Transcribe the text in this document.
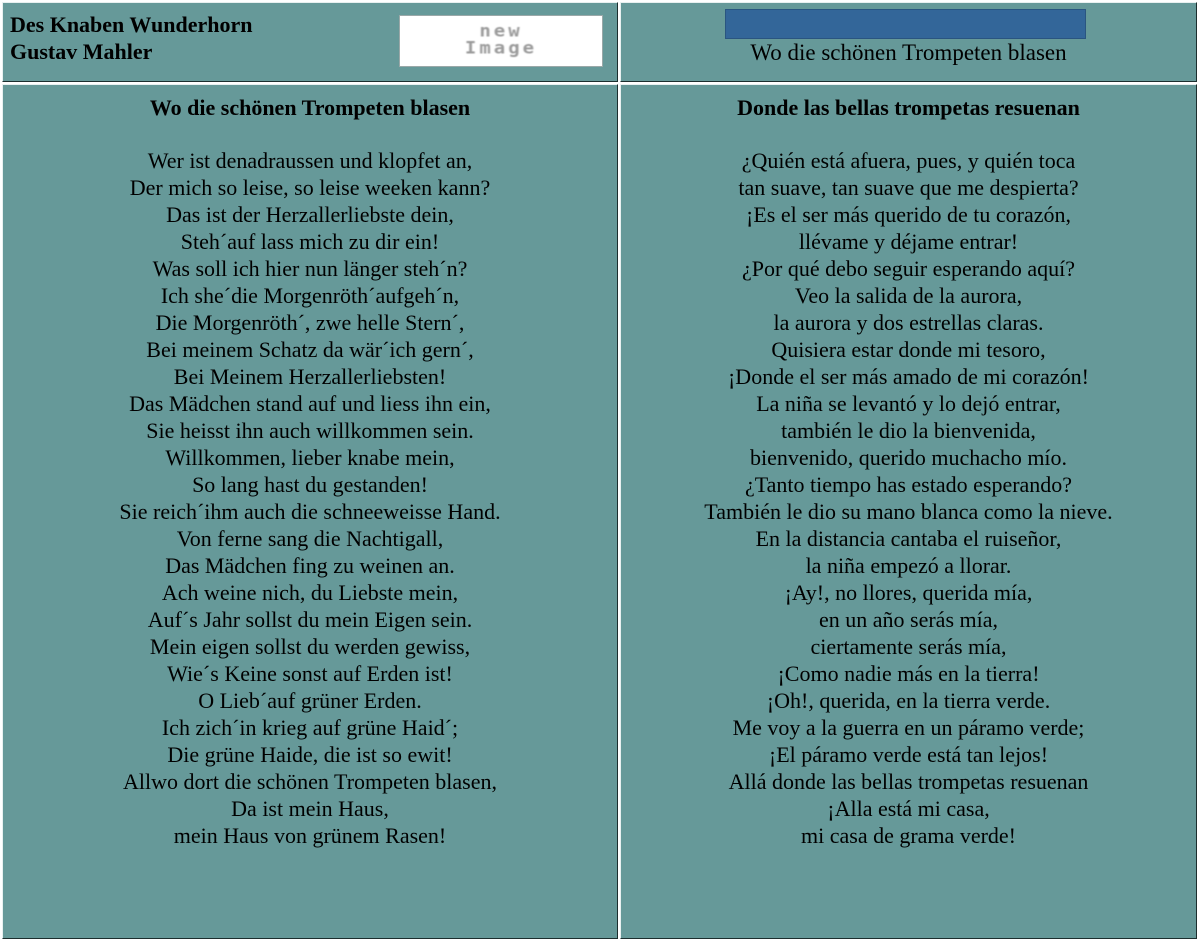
Des Knaben Wunderhorn
Gustav Mahler
new
Image	Wo die schönen Trompeten blasen
Wo die schönen Trompeten blasen
Wer ist denadraussen und klopfet an,
Der mich so leise, so leise weeken kann?
Das ist der Herzallerliebste dein,
Steh´auf lass mich zu dir ein!
Was soll ich hier nun länger steh´n?
Ich she´die Morgenröth´aufgeh´n,
Die Morgenröth´, zwe helle Stern´,
Bei meinem Schatz da wär´ich gern´,
Bei Meinem Herzallerliebsten!
Das Mädchen stand auf und liess ihn ein,
Sie heisst ihn auch willkommen sein.
Willkommen, lieber knabe mein,
So lang hast du gestanden!
Sie reich´ihm auch die schneeweisse Hand.
Von ferne sang die Nachtigall,
Das Mädchen fing zu weinen an.
Ach weine nich, du Liebste mein,
Auf´s Jahr sollst du mein Eigen sein.
Mein eigen sollst du werden gewiss,
Wie´s Keine sonst auf Erden ist!
O Lieb´auf grüner Erden.
Ich zich´in krieg auf grüne Haid´;
Die grüne Haide, die ist so ewit!
Allwo dort die schönen Trompeten blasen,
Da ist mein Haus,
mein Haus von grünem Rasen!
Donde las bellas trompetas resuenan
¿Quién está afuera, pues, y quién toca
tan suave, tan suave que me despierta?
¡Es el ser más querido de tu corazón,
llévame y déjame entrar!
¿Por qué debo seguir esperando aquí?
Veo la salida de la aurora,
la aurora y dos estrellas claras.
Quisiera estar donde mi tesoro,
¡Donde el ser más amado de mi corazón!
La niña se levantó y lo dejó entrar,
también le dio la bienvenida,
bienvenido, querido muchacho mío.
¿Tanto tiempo has estado esperando?
También le dio su mano blanca como la nieve.
En la distancia cantaba el ruiseñor,
la niña empezó a llorar.
¡Ay!, no llores, querida mía,
en un año serás mía,
ciertamente serás mía,
¡Como nadie más en la tierra!
¡Oh!, querida, en la tierra verde.
Me voy a la guerra en un páramo verde;
¡El páramo verde está tan lejos!
Allá donde las bellas trompetas resuenan
¡Alla está mi casa,
mi casa de grama verde!
